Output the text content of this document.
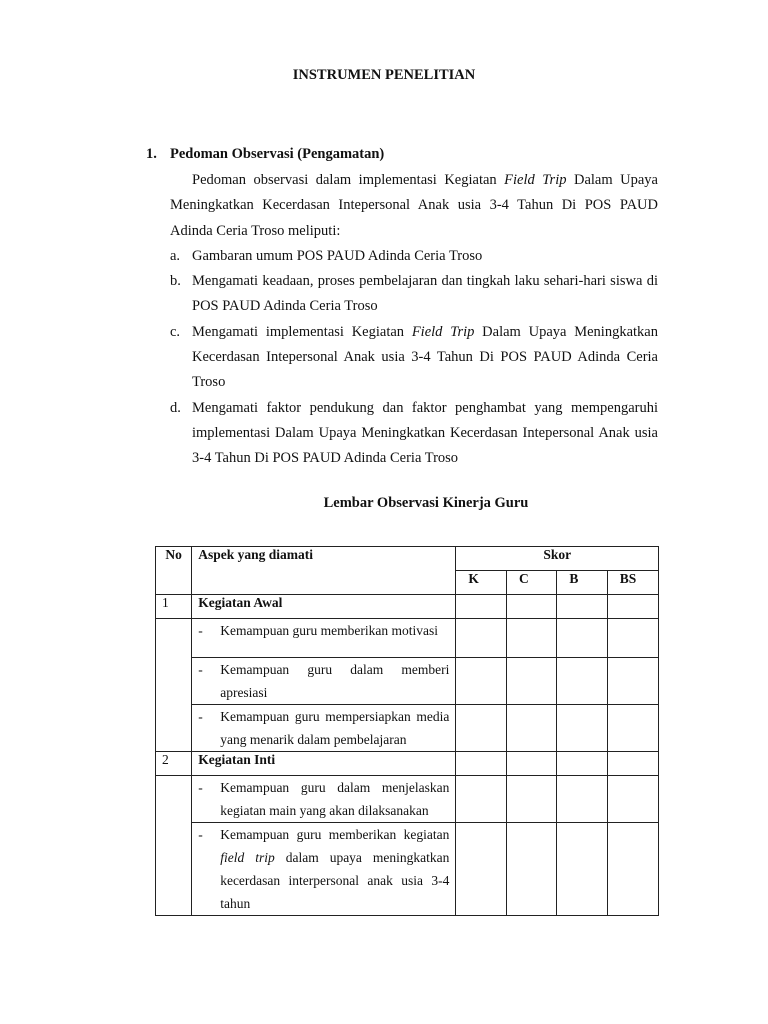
INSTRUMEN PENELITIAN
1. Pedoman Observasi (Pengamatan)
Pedoman observasi dalam implementasi Kegiatan Field Trip Dalam Upaya Meningkatkan Kecerdasan Intepersonal Anak usia 3-4 Tahun Di POS PAUD Adinda Ceria Troso meliputi:
a. Gambaran umum POS PAUD Adinda Ceria Troso
b. Mengamati keadaan, proses pembelajaran dan tingkah laku sehari-hari siswa di POS PAUD Adinda Ceria Troso
c. Mengamati implementasi Kegiatan Field Trip Dalam Upaya Meningkatkan Kecerdasan Intepersonal Anak usia 3-4 Tahun Di POS PAUD Adinda Ceria Troso
d. Mengamati faktor pendukung dan faktor penghambat yang mempengaruhi implementasi Dalam Upaya Meningkatkan Kecerdasan Intepersonal Anak usia 3-4 Tahun Di POS PAUD Adinda Ceria Troso
Lembar Observasi Kinerja Guru
No	Aspek yang diamati	Skor			
		K	C	B	BS
1	Kegiatan Awal				

	- Kemampuan guru memberikan motivasi				

	- Kemampuan guru dalam memberi apresiasi				

	- Kemampuan guru mempersiapkan media yang menarik dalam pembelajaran				

2	Kegiatan Inti				

	- Kemampuan guru dalam menjelaskan kegiatan main yang akan dilaksanakan				

	- Kemampuan guru memberikan kegiatan field trip dalam upaya meningkatkan kecerdasan interpersonal anak usia 3-4 tahun				
